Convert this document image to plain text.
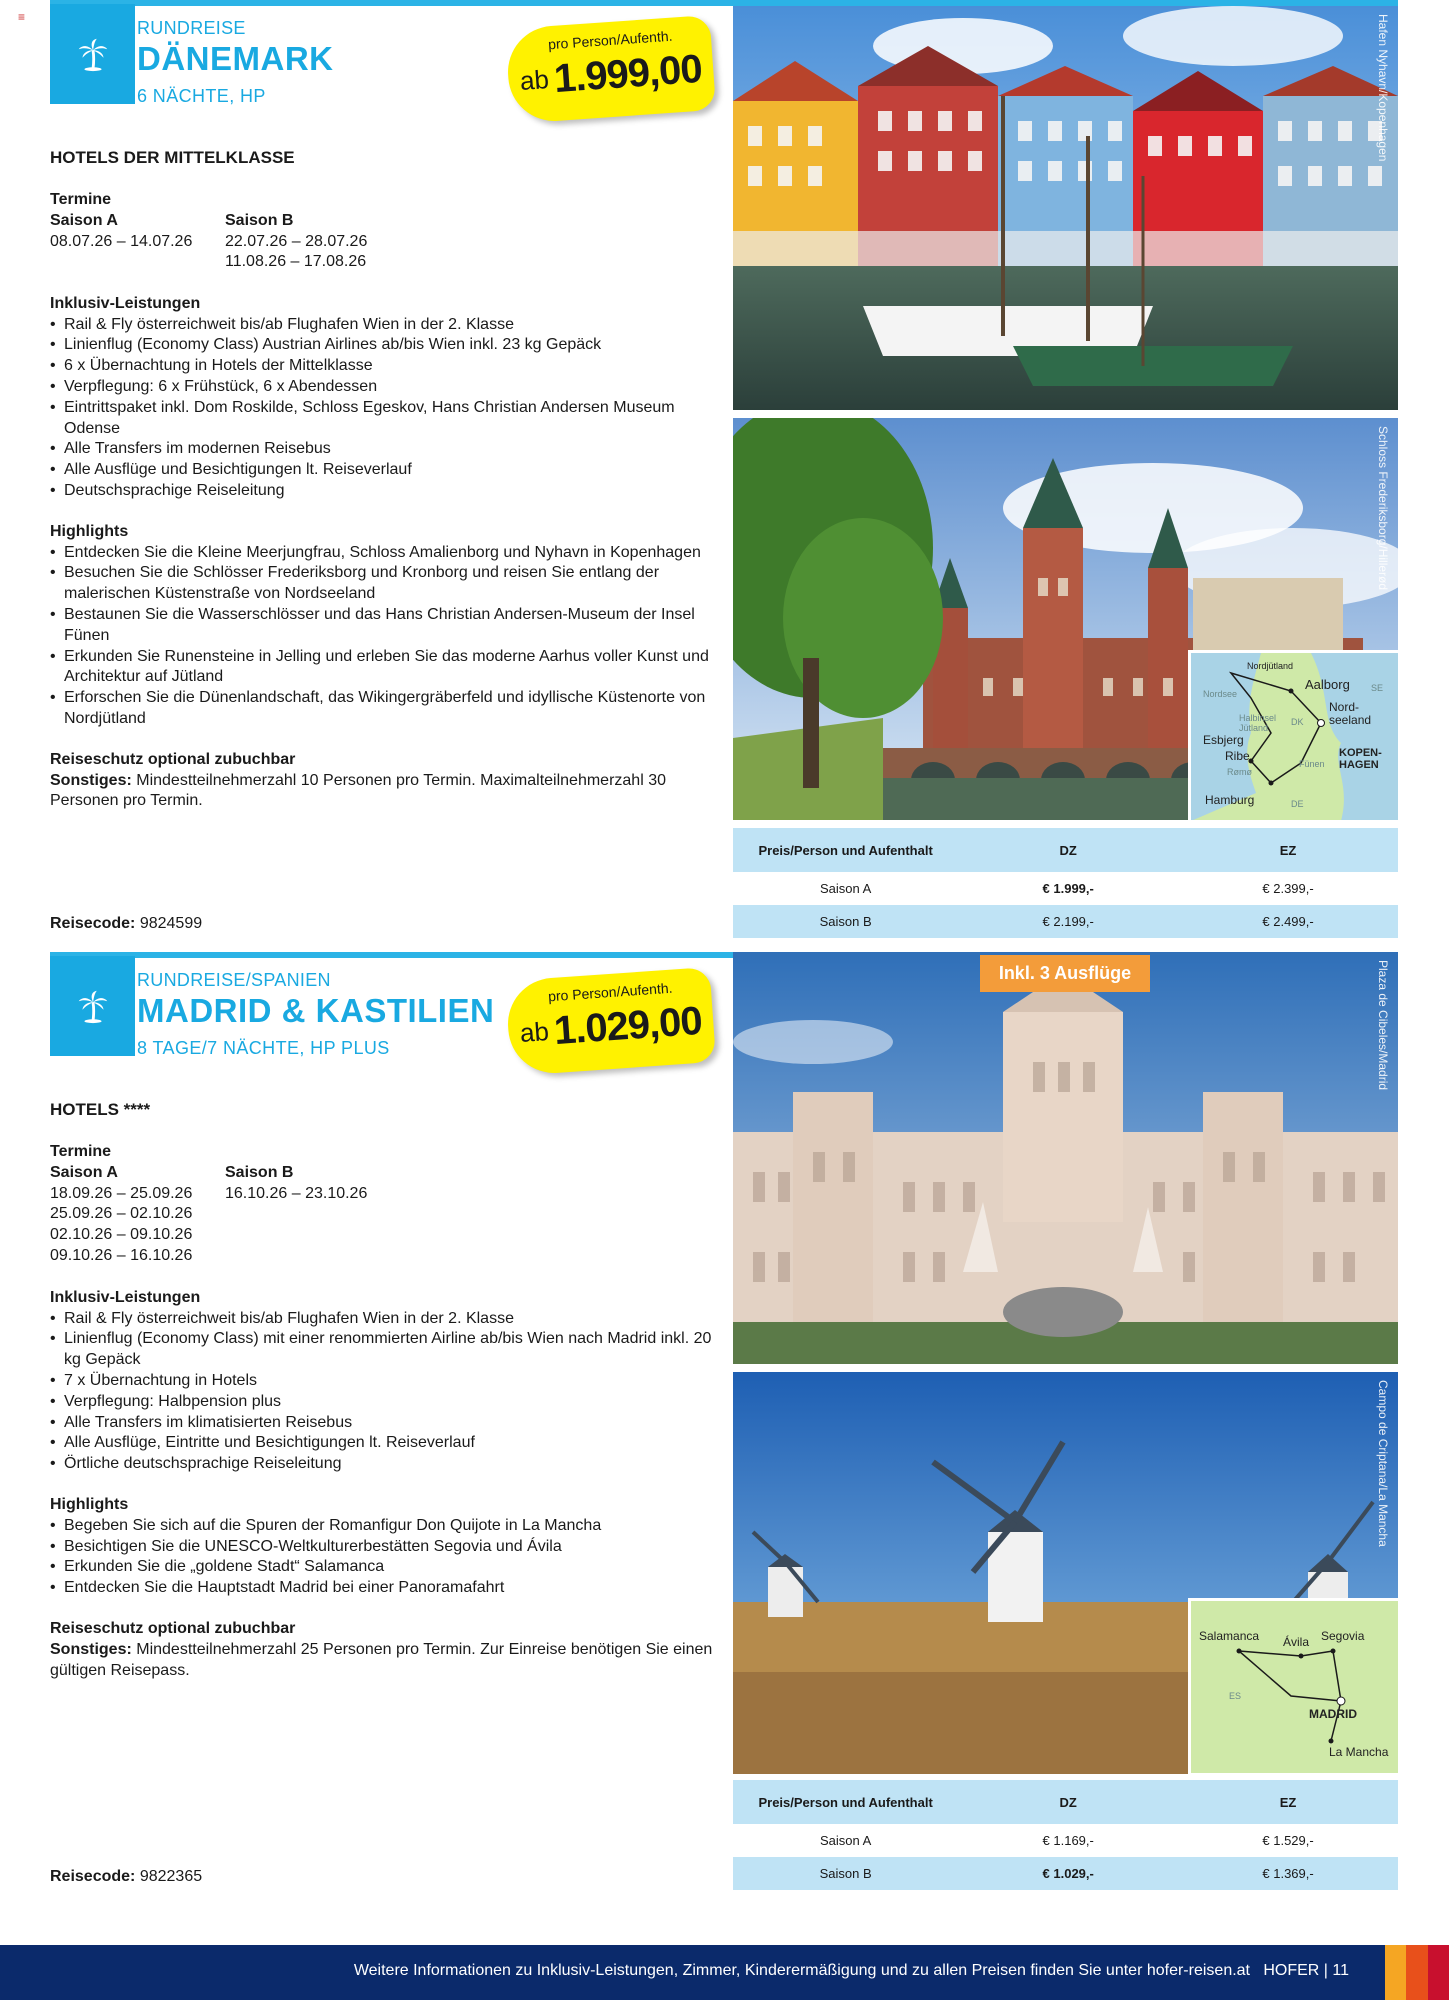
≡
RUNDREISE
DÄNEMARK
6 NÄCHTE, HP
pro Person/Aufenth.
ab 1.999,00
HOTELS DER MITTELKLASSE
Termine
Saison A
08.07.26 – 14.07.26
Saison B
22.07.26 – 28.07.26
11.08.26 – 17.08.26
Inklusiv-Leistungen
• Rail & Fly österreichweit bis/ab Flughafen Wien in der 2. Klasse
• Linienflug (Economy Class) Austrian Airlines ab/bis Wien inkl. 23 kg Gepäck
• 6 x Übernachtung in Hotels der Mittelklasse
• Verpflegung: 6 x Frühstück, 6 x Abendessen
• Eintrittspaket inkl. Dom Roskilde, Schloss Egeskov, Hans Christian Andersen Museum Odense
• Alle Transfers im modernen Reisebus
• Alle Ausflüge und Besichtigungen lt. Reiseverlauf
• Deutschsprachige Reiseleitung
Highlights
• Entdecken Sie die Kleine Meerjungfrau, Schloss Amalienborg und Nyhavn in Kopenhagen
• Besuchen Sie die Schlösser Frederiksborg und Kronborg und reisen Sie entlang der malerischen Küstenstraße von Nordseeland
• Bestaunen Sie die Wasserschlösser und das Hans Christian Andersen-Museum der Insel Fünen
• Erkunden Sie Runensteine in Jelling und erleben Sie das moderne Aarhus voller Kunst und Architektur auf Jütland
• Erforschen Sie die Dünenlandschaft, das Wikingergräberfeld und idyllische Küstenorte von Nordjütland
Reiseschutz optional zubuchbar
Sonstiges: Mindestteilnehmerzahl 10 Personen pro Termin. Maximalteilnehmerzahl 30 Personen pro Termin.
Reisecode: 9824599
Hafen Nyhavn/Kopenhagen
Schloss Frederiksborg/Hillerød
Nordjütland
Aalborg
Nordsee
SE
Nord-
seeland
Halbinsel
Jütland
DK
Esbjerg
Ribe
Fünen
KOPEN-
HAGEN
Rømø
Hamburg	DE
Preis/Person und Aufenthalt	DZ	EZ
Saison A	€ 1.999,-	€ 2.399,-
Saison B	€ 2.199,-	€ 2.499,-
RUNDREISE/SPANIEN
MADRID & KASTILIEN
8 TAGE/7 NÄCHTE, HP PLUS
pro Person/Aufenth.
ab 1.029,00
HOTELS ****
Termine
Saison A
18.09.26 – 25.09.26
25.09.26 – 02.10.26
02.10.26 – 09.10.26
09.10.26 – 16.10.26
Saison B
16.10.26 – 23.10.26
Inklusiv-Leistungen
• Rail & Fly österreichweit bis/ab Flughafen Wien in der 2. Klasse
• Linienflug (Economy Class) mit einer renommierten Airline ab/bis Wien nach Madrid inkl. 20 kg Gepäck
• 7 x Übernachtung in Hotels
• Verpflegung: Halbpension plus
• Alle Transfers im klimatisierten Reisebus
• Alle Ausflüge, Eintritte und Besichtigungen lt. Reiseverlauf
• Örtliche deutschsprachige Reiseleitung
Highlights
• Begeben Sie sich auf die Spuren der Romanfigur Don Quijote in La Mancha
• Besichtigen Sie die UNESCO-Weltkulturerbestätten Segovia und Ávila
• Erkunden Sie die „goldene Stadt“ Salamanca
• Entdecken Sie die Hauptstadt Madrid bei einer Panoramafahrt
Reiseschutz optional zubuchbar
Sonstiges: Mindestteilnehmerzahl 25 Personen pro Termin. Zur Einreise benötigen Sie einen gültigen Reisepass.
Reisecode: 9822365
Plaza de Cibeles/Madrid
Inkl. 3 Ausflüge
Campo de Criptana/La Mancha
Salamanca Ávila Segovia
ES
MADRID
La Mancha
Preis/Person und Aufenthalt	DZ	EZ
Saison A	€ 1.169,-	€ 1.529,-
Saison B	€ 1.029,-	€ 1.369,-
Weitere Informationen zu Inklusiv-Leistungen, Zimmer, Kinderermäßigung und zu allen Preisen finden Sie unter hofer-reisen.at HOFER | 11
